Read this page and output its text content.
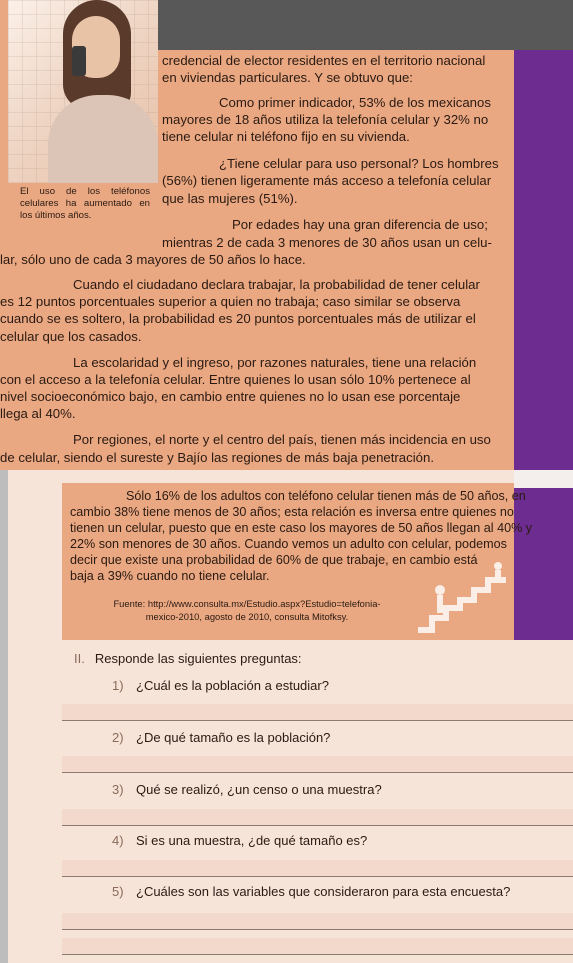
El uso de los teléfonos celulares ha aumentado en los últimos años.
credencial de elector residentes en el territorio nacional
en viviendas particulares. Y se obtuvo que:
Como primer indicador, 53% de los mexicanos
mayores de 18 años utiliza la telefonía celular y 32% no
tiene celular ni teléfono fijo en su vivienda.
¿Tiene celular para uso personal? Los hombres
(56%) tienen ligeramente más acceso a telefonía celular
que las mujeres (51%).
Por edades hay una gran diferencia de uso;
mientras 2 de cada 3 menores de 30 años usan un celu-
lar, sólo uno de cada 3 mayores de 50 años lo hace.
Cuando el ciudadano declara trabajar, la probabilidad de tener celular
es 12 puntos porcentuales superior a quien no trabaja; caso similar se observa
cuando se es soltero, la probabilidad es 20 puntos porcentuales más de utilizar el
celular que los casados.
La escolaridad y el ingreso, por razones naturales, tiene una relación
con el acceso a la telefonía celular. Entre quienes lo usan sólo 10% pertenece al
nivel socioeconómico bajo, en cambio entre quienes no lo usan ese porcentaje
llega al 40%.
Por regiones, el norte y el centro del país, tienen más incidencia en uso
de celular, siendo el sureste y Bajío las regiones de más baja penetración.
Sólo 16% de los adultos con teléfono celular tienen más de 50 años, en
cambio 38% tiene menos de 30 años; esta relación es inversa entre quienes no
tienen un celular, puesto que en este caso los mayores de 50 años llegan al 40% y
22% son menores de 30 años. Cuando vemos un adulto con celular, podemos
decir que existe una probabilidad de 60% de que trabaje, en cambio está
baja a 39% cuando no tiene celular.
Fuente: http://www.consulta.mx/Estudio.aspx?Estudio=telefonia-
mexico-2010, agosto de 2010, consulta Mitofksy.
II. Responde las siguientes preguntas:
1) ¿Cuál es la población a estudiar?
2) ¿De qué tamaño es la población?
3) Qué se realizó, ¿un censo o una muestra?
4) Si es una muestra, ¿de qué tamaño es?
5) ¿Cuáles son las variables que consideraron para esta encuesta?
